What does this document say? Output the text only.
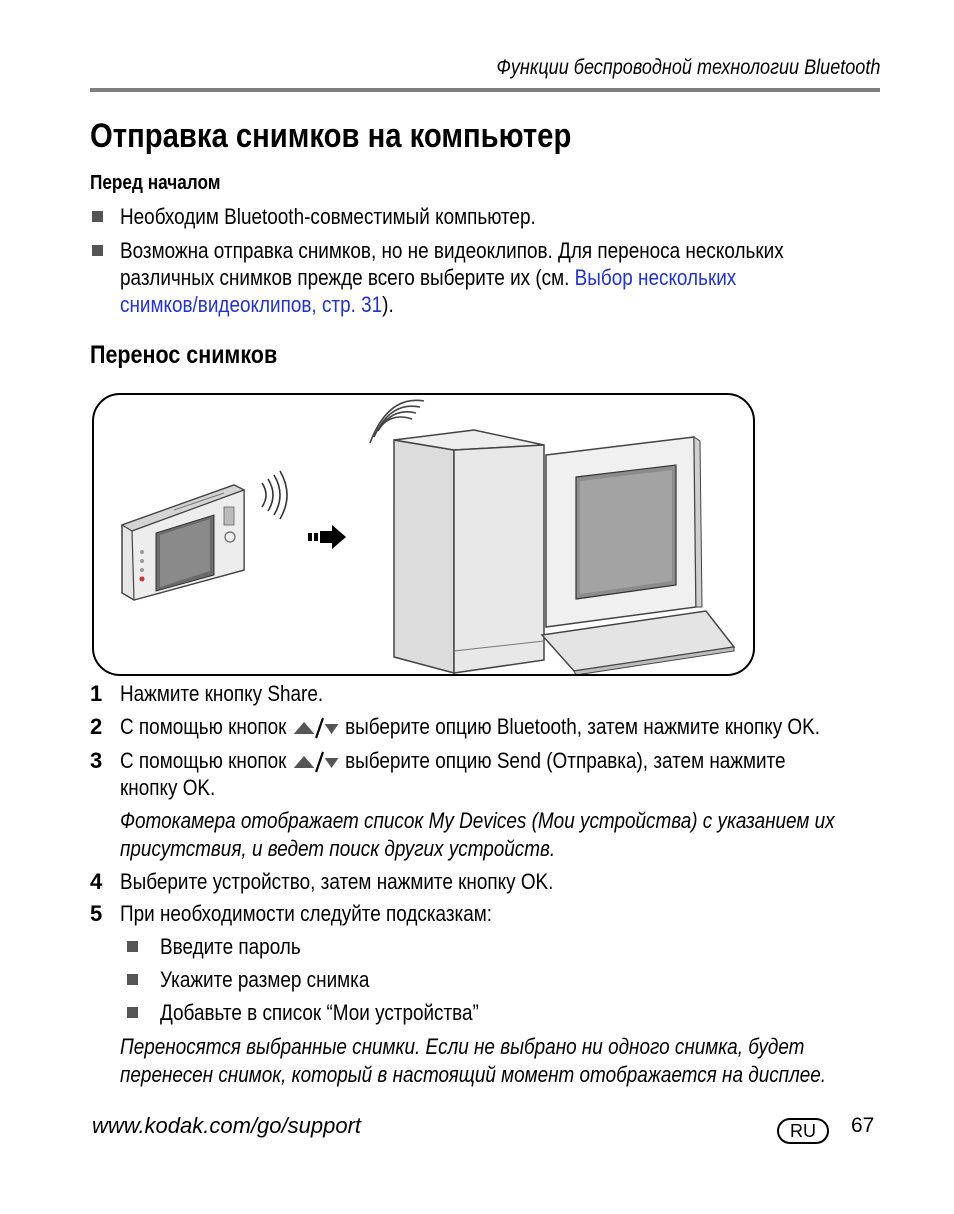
Функции беспроводной технологии Bluetooth
Отправка снимков на компьютер
Перед началом
Необходим Bluetooth-совместимый компьютер.
Возможна отправка снимков, но не видеоклипов. Для переноса нескольких
различных снимков прежде всего выберите их (см. Выбор нескольких
снимков/видеоклипов, стр. 31).
Перенос снимков
1 Нажмите кнопку Share.
2 С помощью кнопок	выберите опцию Bluetooth, затем нажмите кнопку OK.
3 С помощью кнопок	выберите опцию Send (Отправка), затем нажмите
кнопку OK.
Фотокамера отображает список My Devices (Мои устройства) с указанием их
присутствия, и ведет поиск других устройств.
4 Выберите устройство, затем нажмите кнопку OK.
5 При необходимости следуйте подсказкам:
Введите пароль
Укажите размер снимка
Добавьте в список “Мои устройства”
Переносятся выбранные снимки. Если не выбрано ни одного снимка, будет
перенесен снимок, который в настоящий момент отображается на дисплее.
www.kodak.com/go/support	RU	67
